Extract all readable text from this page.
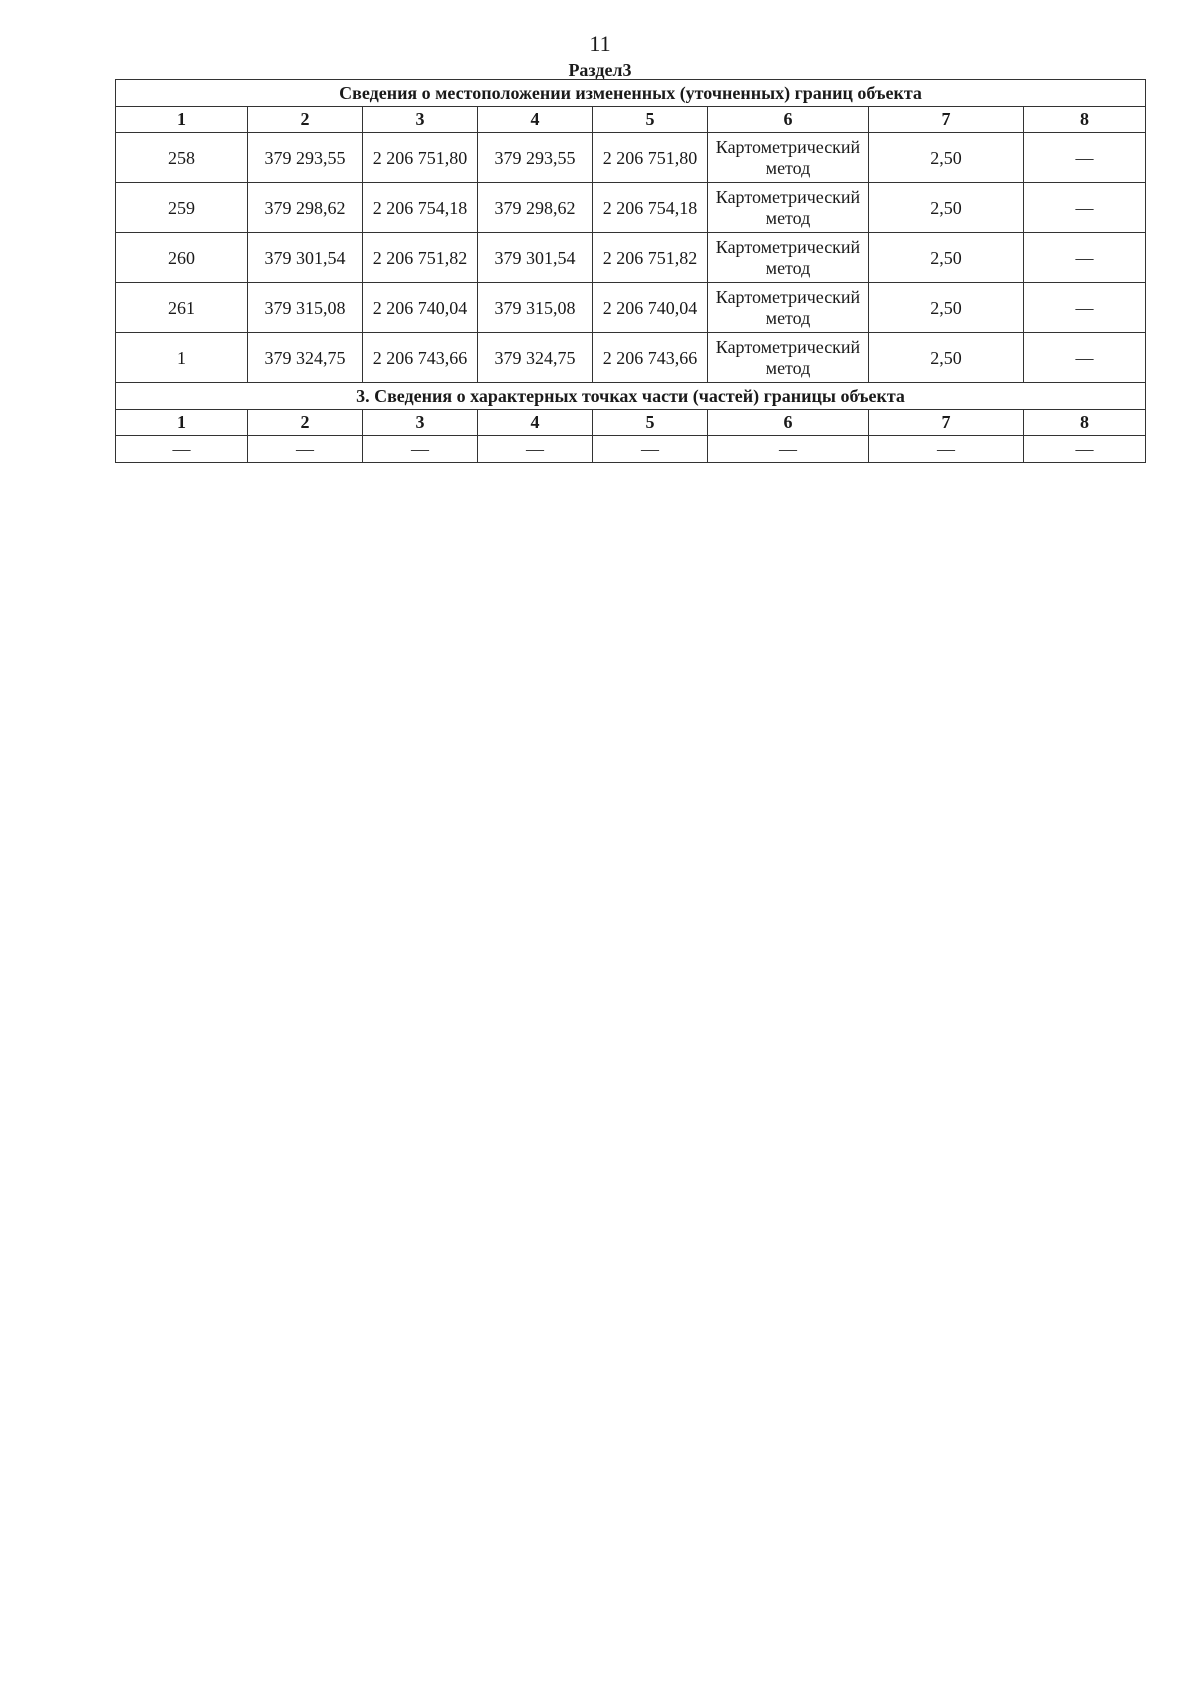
11
Раздел3
Сведения о местоположении измененных (уточненных) границ объекта							
1	2	3	4	5	6	7	8
258	379 293,55	2 206 751,80	379 293,55	2 206 751,80	Картометрический метод	2,50	—
259	379 298,62	2 206 754,18	379 298,62	2 206 754,18	Картометрический метод	2,50	—
260	379 301,54	2 206 751,82	379 301,54	2 206 751,82	Картометрический метод	2,50	—
261	379 315,08	2 206 740,04	379 315,08	2 206 740,04	Картометрический метод	2,50	—
1	379 324,75	2 206 743,66	379 324,75	2 206 743,66	Картометрический метод	2,50	—
3. Сведения о характерных точках части (частей) границы объекта							
1	2	3	4	5	6	7	8
—	—	—	—	—	—	—	—
